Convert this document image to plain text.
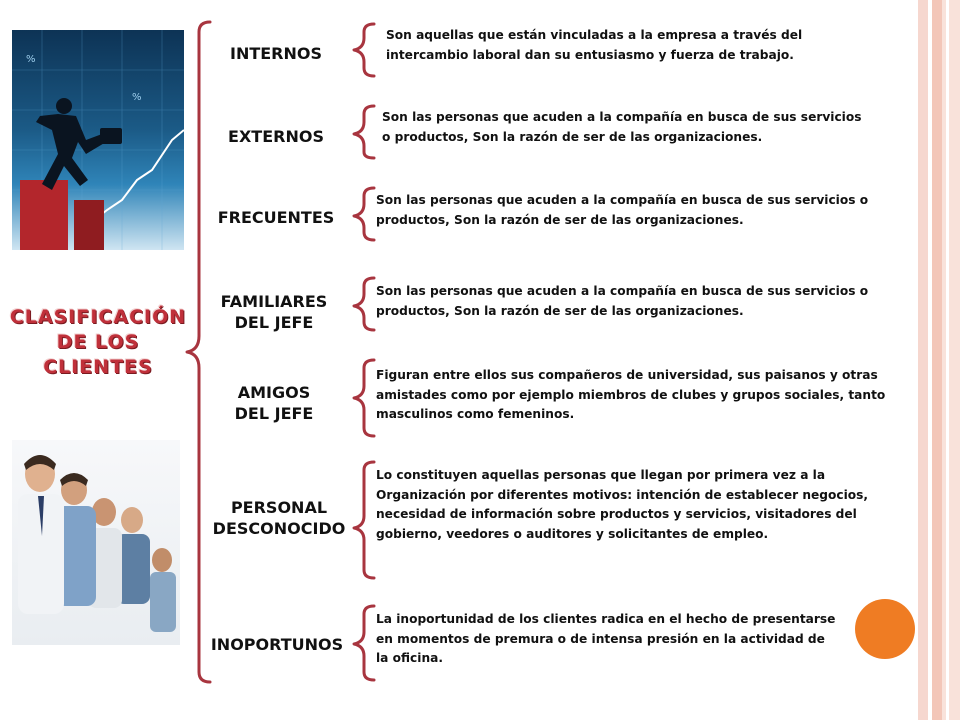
%
%
CLASIFICACIÓN DE LOS CLIENTES
INTERNOS
EXTERNOS
FRECUENTES
FAMILIARES DEL JEFE
AMIGOS DEL JEFE
PERSONAL DESCONOCIDO
INOPORTUNOS
Son aquellas que están vinculadas a la empresa a través del intercambio laboral dan su entusiasmo y fuerza de trabajo.
Son las personas que acuden a la compañía en busca de sus servicios o productos, Son la razón de ser de las organizaciones.
Son las personas que acuden a la compañía en busca de sus servicios o productos, Son la razón de ser de las organizaciones.
Son las personas que acuden a la compañía en busca de sus servicios o productos, Son la razón de ser de las organizaciones.
Figuran entre ellos sus compañeros de universidad, sus paisanos y otras amistades como por ejemplo miembros de clubes y grupos sociales, tanto masculinos como femeninos.
Lo constituyen aquellas personas que llegan por primera vez a la Organización por diferentes motivos: intención de establecer negocios, necesidad de información sobre productos y servicios, visitadores del gobierno, veedores o auditores y solicitantes de empleo.
La inoportunidad de los clientes radica en el hecho de presentarse en momentos de premura o de intensa presión en la actividad de la oficina.
